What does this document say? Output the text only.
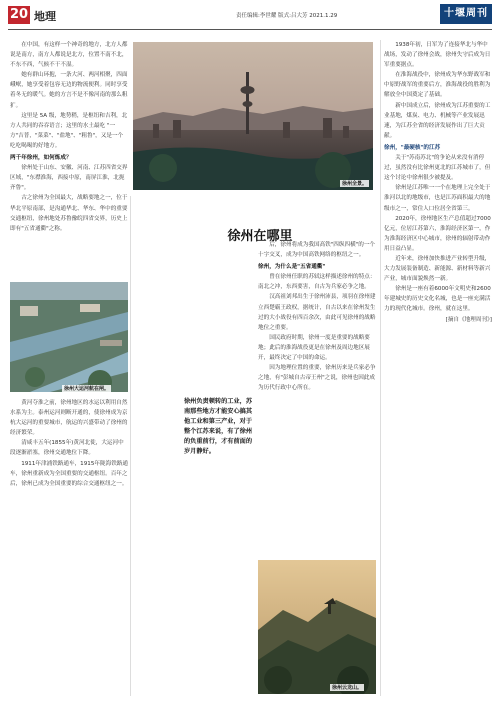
20 地理	责任编辑:李世耀 版式:吕大芳 2021.1.29	十堰周刊
徐州全景。

在中国，有这样一个神奇的地方，北方人都说是南方，南方人都说是北方，位置不南不北，不东不西，气候不干不湿。

她有群山环抱，一条大河、两河相聚，四面峨岷，她享受着包容无边的物流便利。同时享受着冬无的暖气。她的方言不是不像河南的那么粗犷。

这里是 5A 级，地势稍，是枢纽和吉利，北方人共同的吞吞语言；这里的水土最吃 "一方"吉普，"菜菜"、"盐地"、"粗鲁"，又是一个吃吃喝喝的好地方。

两千年徐州，如何炼成？

徐州处于山东、安徽、河南、江苏四省交界区域，"东襟淮海，西接中原，南屏江淮，北扼齐鲁"。

古之徐州为全国最大，战略要地之一，位于华北平原南部，是沟通华北、华东、华中的重要交通枢纽，徐州地处苏鲁豫皖四省交界，历史上即有"五省通衢"之称。

徐州大运河航在闸。

黄河夺淮之前，徐州地区的水运以利用自然水系为主。泰州运河则断开通的，使徐州成为京杭大运河的重要城市，航运的兴盛带动了徐州的经济繁荣。

清咸丰五年(1855年)黄河北徙，大运河中段逐渐淤塞，徐州交通地位下降。

1911年津浦铁路通车，1915年陇海铁路通车，徐州重新成为全国重要的交通枢纽。百年之后，徐州已成为全国重要的综合交通枢纽之一。

徐州在哪里

后，徐州将成为我国高铁"四纵四横"的一个十字交叉，成为中国高铁网络的枢纽之一。

徐州，为什么是"五省通衢"

曾在徐州任职的苏轼这样描述徐州的特点：南北之冲，东西要害，自古为兵家必争之地。

汉高祖刘邦出生于徐州沛县，项羽在徐州建立西楚霸王政权，据统计，自古以来在徐州发生过的大小战役有四百余次，由此可见徐州的战略地位之重要。

国民政府时期，徐州一度是重要的战略要地；此后的淮海战役更是在徐州及周边地区展开，最终决定了中国的命运。

因为地理位置的重要，徐州历来是兵家必争之地，有"彭城自古帝王州"之说，徐州也因此成为历代行政中心所在。

徐州负责顿转的工业，苏南那些地方才能安心搞其他工业和第三产业，对于整个江苏来说，有了徐州的负重前行，才有前面的岁月静好。
徐州云龙山。

1938年初，日军为了连接华北与华中战场，发动了徐州会战，徐州失守后成为日军重要据点。

在淮海战役中，徐州成为华东野战军和中原野战军的重要后方，淮海战役的胜利为解放全中国奠定了基础。

新中国成立后，徐州成为江苏重要的工业基地，煤炭、电力、机械等产业发展迅速，为江苏全省的经济发展作出了巨大贡献。

徐州，"最硬核"的江苏

关于"苏南苏北"的争论从来没有消停过，虽然没有比徐州更北的江苏城市了，但这个讨论中徐州很少被提及。

徐州是江苏唯一一个在地理上完全处于淮河以北的地级市，也是江苏面积最大的地级市之一，常住人口位居全省第三。

2020年，徐州地区生产总值超过7000亿元，位居江苏第六，淮海经济区第一，作为淮海经济区中心城市，徐州的辐射带动作用日益凸显。

近年来，徐州加快推进产业转型升级，大力发展装备制造、新能源、新材料等新兴产业，城市面貌焕然一新。

徐州是一座有着6000年文明史和2600年建城史的历史文化名城，也是一座充满活力的现代化城市。徐州，就在这里。

[摘自《地理周刊》]
